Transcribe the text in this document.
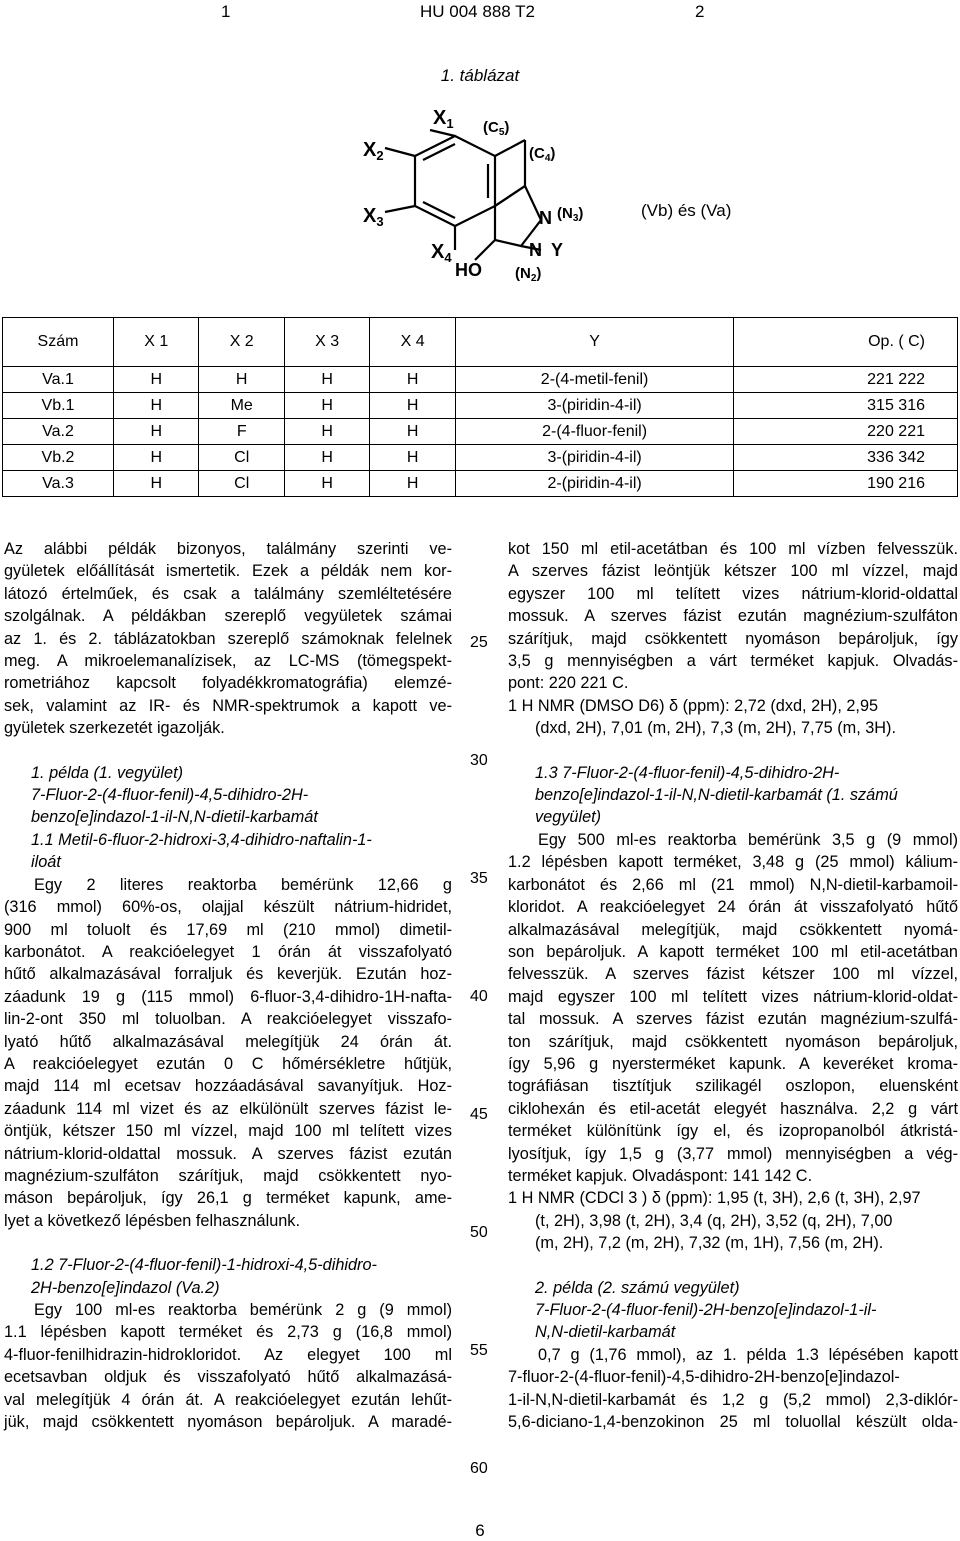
1	HU 004 888 T2	2
1. táblázat
$X_1$
$X_2$
$X_3$
$X_4$
HO
$(C_5)$
$(C_4)$
N $(N_3)$
N Y
$(N_2)$
(Vb) és (Va)
Szám	X 1	X 2	X 3	X 4	Y	Op. ( C)
Va.1	H	H	H	H	2-(4-metil-fenil)	221 222
Vb.1	H	Me	H	H	3-(piridin-4-il)	315 316
Va.2	H	F	H	H	2-(4-fluor-fenil)	220 221
Vb.2	H	Cl	H	H	3-(piridin-4-il)	336 342
Va.3	H	Cl	H	H	2-(piridin-4-il)	190 216

Az alábbi példák bizonyos, találmány szerinti ve-

gyületek előállítását ismertetik. Ezek a példák nem kor-

látozó értelműek, és csak a találmány szemléltetésére

szolgálnak. A példákban szereplő vegyületek számai

az 1. és 2. táblázatokban szereplő számoknak felelnek

meg. A mikroelemanalízisek, az LC-MS (tömegspekt-

rometriához kapcsolt folyadékkromatográfia) elemzé-

sek, valamint az IR- és NMR-spektrumok a kapott ve-

gyületek szerkezetét igazolják.

1. példa (1. vegyület)

7-Fluor-2-(4-fluor-fenil)-4,5-dihidro-2H-

benzo[e]indazol-1-il-N,N-dietil-karbamát

1.1 Metil-6-fluor-2-hidroxi-3,4-dihidro-naftalin-1-

iloát

Egy 2 literes reaktorba bemérünk 12,66 g

(316 mmol) 60%-os, olajjal készült nátrium-hidridet,

900 ml toluolt és 17,69 ml (210 mmol) dimetil-

karbonátot. A reakcióelegyet 1 órán át visszafolyató

hűtő alkalmazásával forraljuk és keverjük. Ezután hoz-

záadunk 19 g (115 mmol) 6-fluor-3,4-dihidro-1H-nafta-

lin-2-ont 350 ml toluolban. A reakcióelegyet visszafo-

lyató hűtő alkalmazásával melegítjük 24 órán át.

A reakcióelegyet ezután 0 C hőmérsékletre hűtjük,

majd 114 ml ecetsav hozzáadásával savanyítjuk. Hoz-

záadunk 114 ml vizet és az elkülönült szerves fázist le-

öntjük, kétszer 150 ml vízzel, majd 100 ml telített vizes

nátrium-klorid-oldattal mossuk. A szerves fázist ezután

magnézium-szulfáton szárítjuk, majd csökkentett nyo-

máson bepároljuk, így 26,1 g terméket kapunk, ame-

lyet a következő lépésben felhasználunk.

1.2 7-Fluor-2-(4-fluor-fenil)-1-hidroxi-4,5-dihidro-

2H-benzo[e]indazol (Va.2)

Egy 100 ml-es reaktorba bemérünk 2 g (9 mmol)

1.1 lépésben kapott terméket és 2,73 g (16,8 mmol)

4-fluor-fenilhidrazin-hidrokloridot. Az elegyet 100 ml

ecetsavban oldjuk és visszafolyató hűtő alkalmazásá-

val melegítjük 4 órán át. A reakcióelegyet ezután lehűt-

jük, majd csökkentett nyomáson bepároljuk. A maradé-

25
30
35
40
45
50
55
60

kot 150 ml etil-acetátban és 100 ml vízben felvesszük.

A szerves fázist leöntjük kétszer 100 ml vízzel, majd

egyszer 100 ml telített vizes nátrium-klorid-oldattal

mossuk. A szerves fázist ezután magnézium-szulfáton

szárítjuk, majd csökkentett nyomáson bepároljuk, így

3,5 g mennyiségben a várt terméket kapjuk. Olvadás-

pont: 220 221 C.

1 H NMR (DMSO D6) δ (ppm): 2,72 (dxd, 2H), 2,95

(dxd, 2H), 7,01 (m, 2H), 7,3 (m, 2H), 7,75 (m, 3H).

1.3 7-Fluor-2-(4-fluor-fenil)-4,5-dihidro-2H-

benzo[e]indazol-1-il-N,N-dietil-karbamát (1. számú

vegyület)

Egy 500 ml-es reaktorba bemérünk 3,5 g (9 mmol)

1.2 lépésben kapott terméket, 3,48 g (25 mmol) kálium-

karbonátot és 2,66 ml (21 mmol) N,N-dietil-karbamoil-

kloridot. A reakcióelegyet 24 órán át visszafolyató hűtő

alkalmazásával melegítjük, majd csökkentett nyomá-

son bepároljuk. A kapott terméket 100 ml etil-acetátban

felvesszük. A szerves fázist kétszer 100 ml vízzel,

majd egyszer 100 ml telített vizes nátrium-klorid-oldat-

tal mossuk. A szerves fázist ezután magnézium-szulfá-

ton szárítjuk, majd csökkentett nyomáson bepároljuk,

így 5,96 g nyersterméket kapunk. A keveréket kroma-

tográfiásan tisztítjuk szilikagél oszlopon, eluensként

ciklohexán és etil-acetát elegyét használva. 2,2 g várt

terméket különítünk így el, és izopropanolból átkristá-

lyosítjuk, így 1,5 g (3,77 mmol) mennyiségben a vég-

terméket kapjuk. Olvadáspont: 141 142 C.

1 H NMR (CDCl 3 ) δ (ppm): 1,95 (t, 3H), 2,6 (t, 3H), 2,97

(t, 2H), 3,98 (t, 2H), 3,4 (q, 2H), 3,52 (q, 2H), 7,00

(m, 2H), 7,2 (m, 2H), 7,32 (m, 1H), 7,56 (m, 2H).

2. példa (2. számú vegyület)

7-Fluor-2-(4-fluor-fenil)-2H-benzo[e]indazol-1-il-

N,N-dietil-karbamát

0,7 g (1,76 mmol), az 1. példa 1.3 lépésében kapott

7-fluor-2-(4-fluor-fenil)-4,5-dihidro-2H-benzo[e]indazol-

1-il-N,N-dietil-karbamát és 1,2 g (5,2 mmol) 2,3-diklór-

5,6-diciano-1,4-benzokinon 25 ml toluollal készült olda-

6
